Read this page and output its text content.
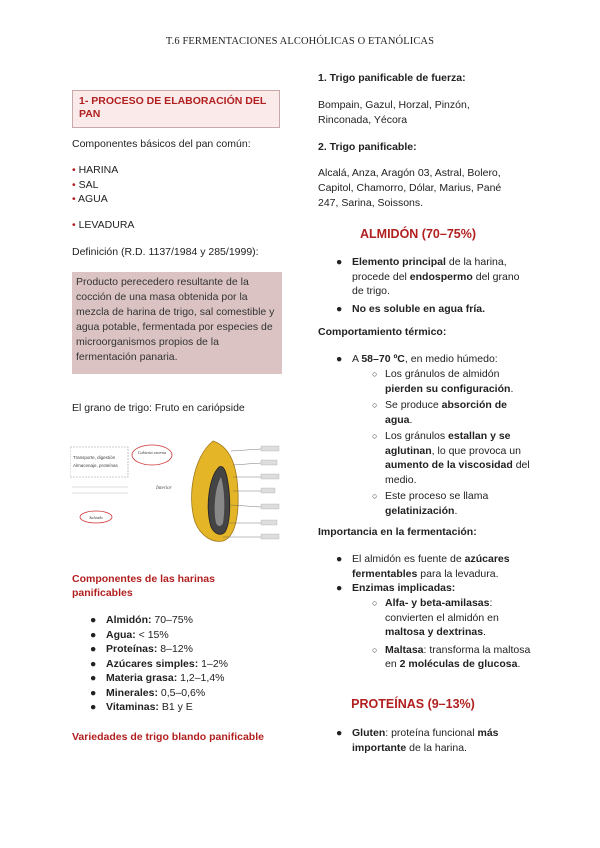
T.6 FERMENTACIONES ALCOHÓLICAS O ETANÓLICAS
1- PROCESO DE ELABORACIÓN DEL PAN
Componentes básicos del pan común:
• HARINA
• SAL
• AGUA
• LEVADURA
Definición (R.D. 1137/1984 y 285/1999):
Producto perecedero resultante de la cocción de una masa obtenida por la mezcla de harina de trigo, sal comestible y agua potable, fermentada por especies de microorganismos propios de la fermentación panaria.
El grano de trigo: Fruto en cariópside
Transporte, digestión
Almacenaje, proteínas
Cubierta externa
Interior
Salvado
Componentes de las harinas panificables
● Almidón: 70–75%
● Agua: < 15%
● Proteínas: 8–12%
● Azúcares simples: 1–2%
● Materia grasa: 1,2–1,4%
● Minerales: 0,5–0,6%
● Vitaminas: B1 y E
Variedades de trigo blando panificable
1. Trigo panificable de fuerza:
Bompain, Gazul, Horzal, Pinzón, Rinconada, Yécora
2. Trigo panificable:
Alcalá, Anza, Aragón 03, Astral, Bolero, Capitol, Chamorro, Dólar, Marius, Pané 247, Sarina, Soissons.
ALMIDÓN (70–75%)
● Elemento principal de la harina, procede del endospermo del grano de trigo.
● No es soluble en agua fría.
Comportamiento térmico:
● A 58–70 ºC, en medio húmedo:
○ Los gránulos de almidón pierden su configuración.
○ Se produce absorción de agua.
○ Los gránulos estallan y se aglutinan, lo que provoca un aumento de la viscosidad del medio.
○ Este proceso se llama gelatinización.
Importancia en la fermentación:
● El almidón es fuente de azúcares fermentables para la levadura.
● Enzimas implicadas:
○ Alfa- y beta-amilasas: convierten el almidón en maltosa y dextrinas.
○ Maltasa: transforma la maltosa en 2 moléculas de glucosa.
PROTEÍNAS (9–13%)
● Gluten: proteína funcional más importante de la harina.
